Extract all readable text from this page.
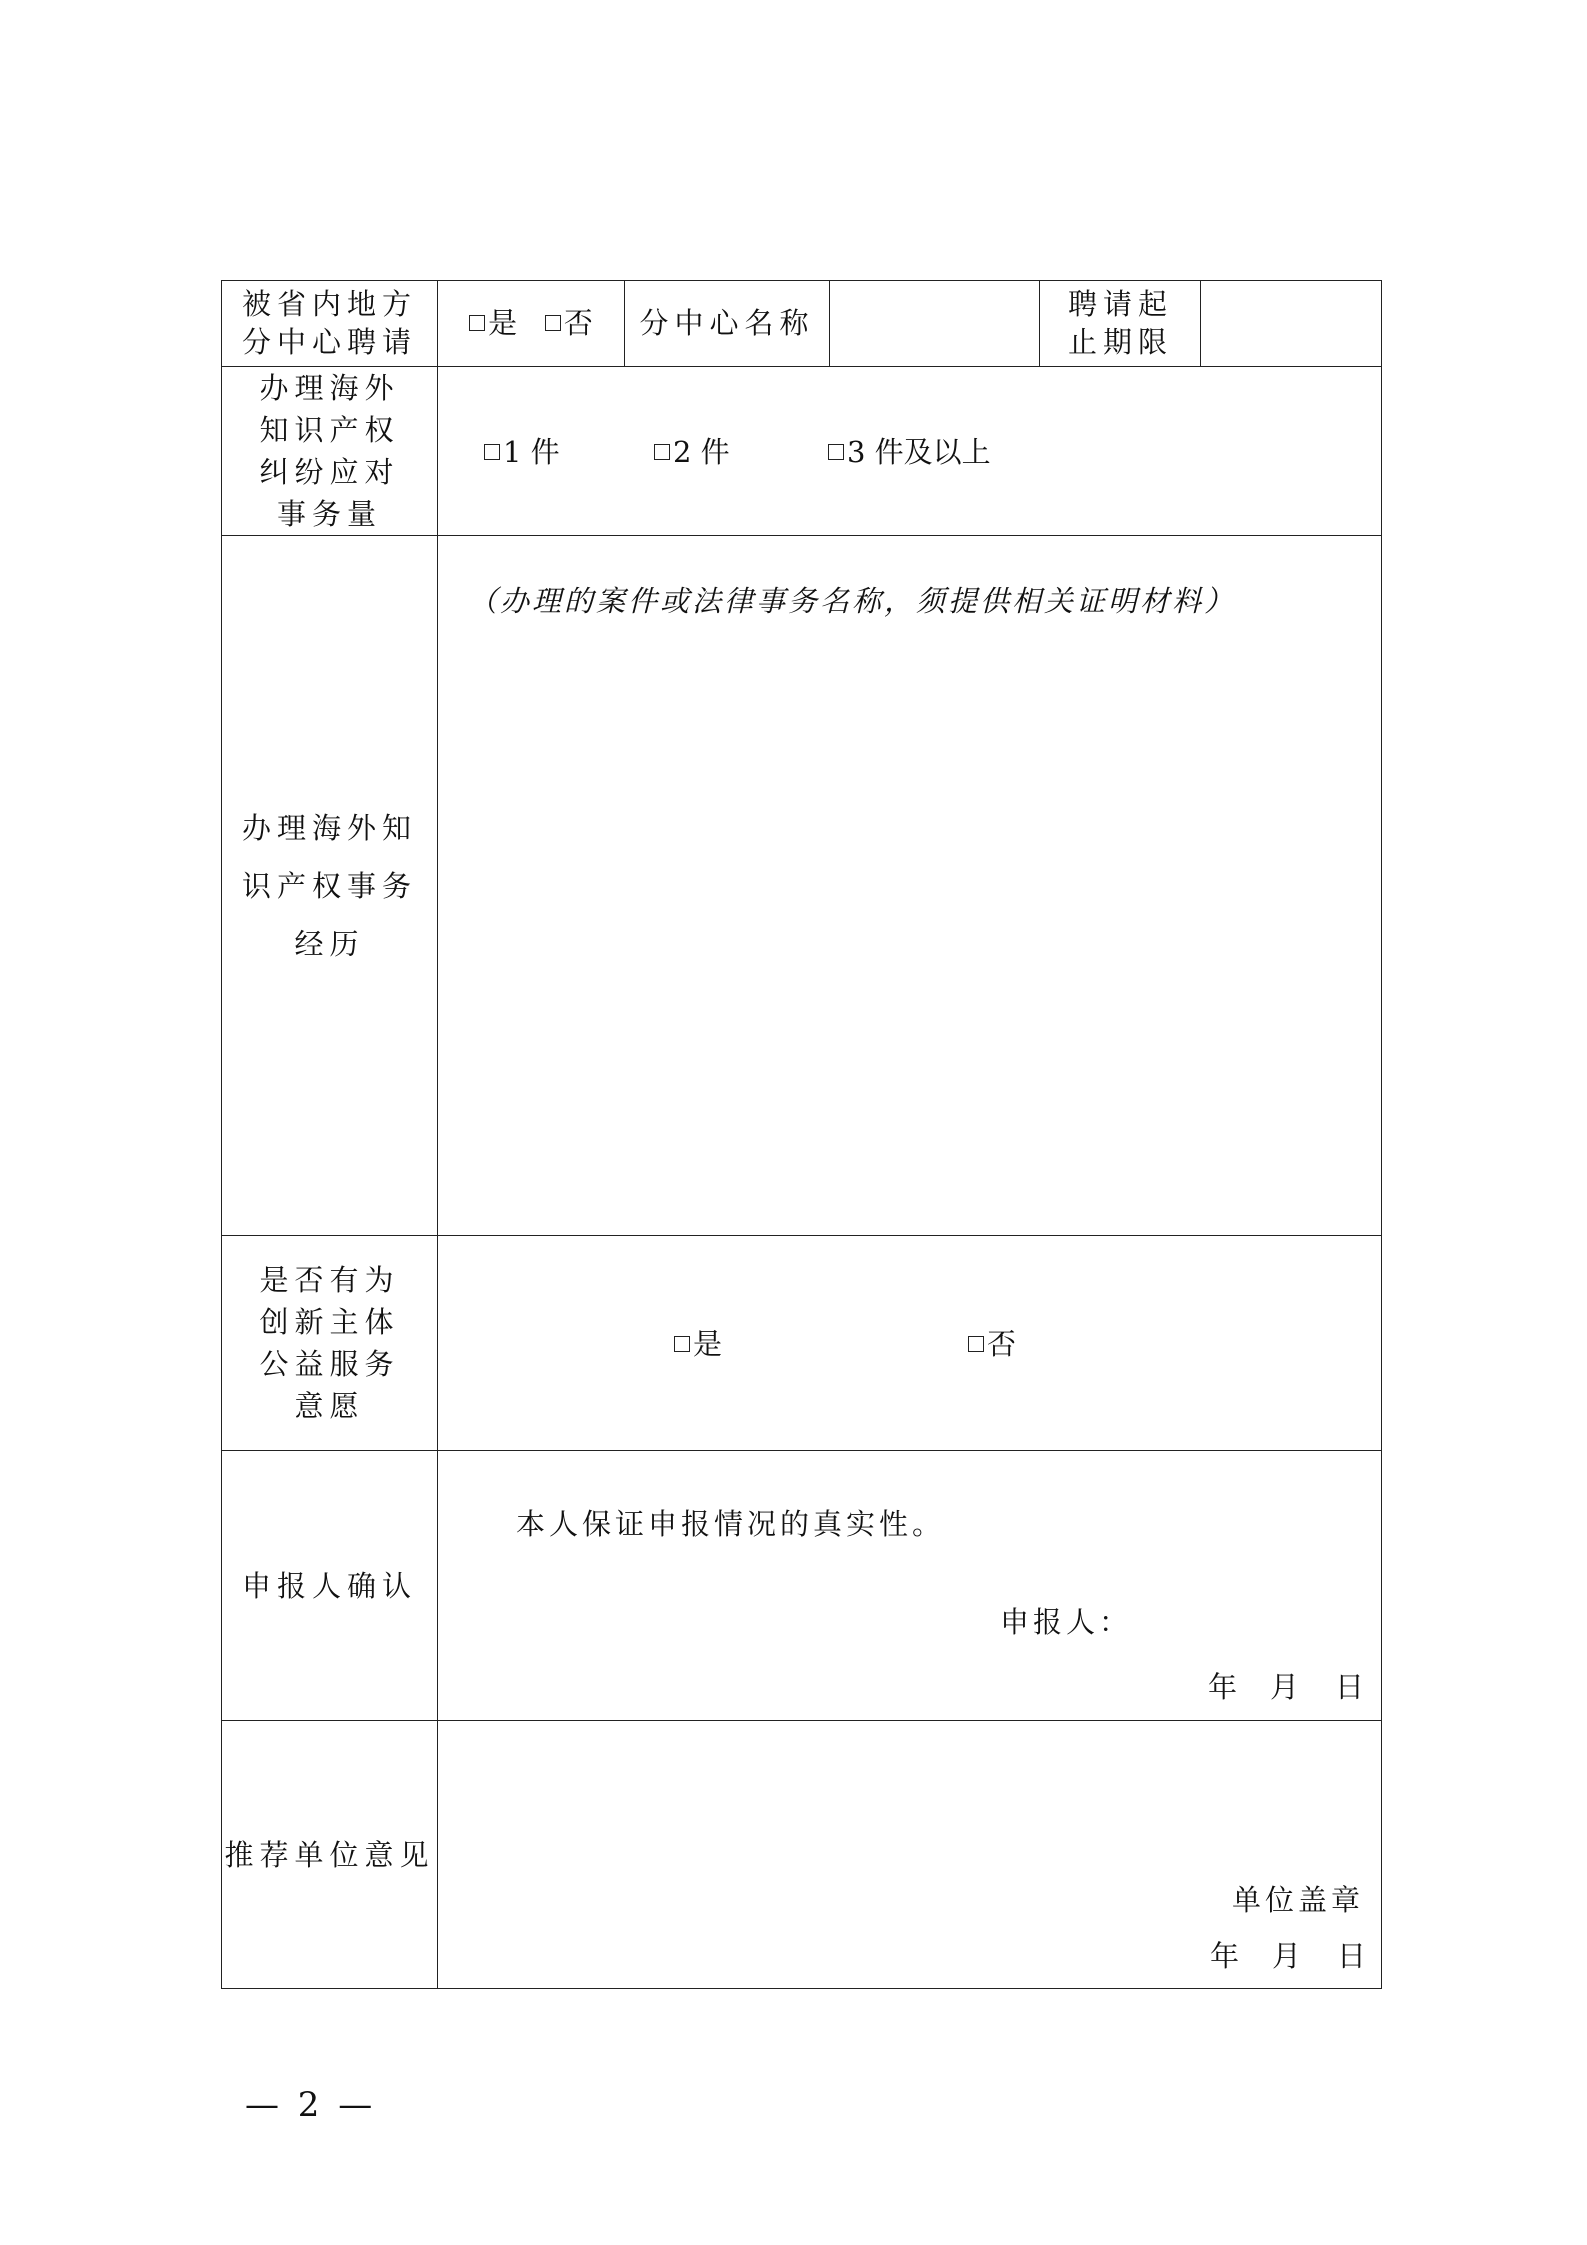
被省内地方分中心聘请	是 否	分中心名称		聘请起止期限	
办理海外知识产权纠纷应对事务量	1 件 2 件 3 件及以上				

办理海外知识产权事务经历	（办理的案件或法律事务名称，须提供相关证明材料）				
是否有为创新主体公益服务意愿	是 否				

申报人确认	本人保证申报情况的真实性。
申报人：
年 月 日				

推荐单位意见	单位盖章
年 月 日				
— 2 —
